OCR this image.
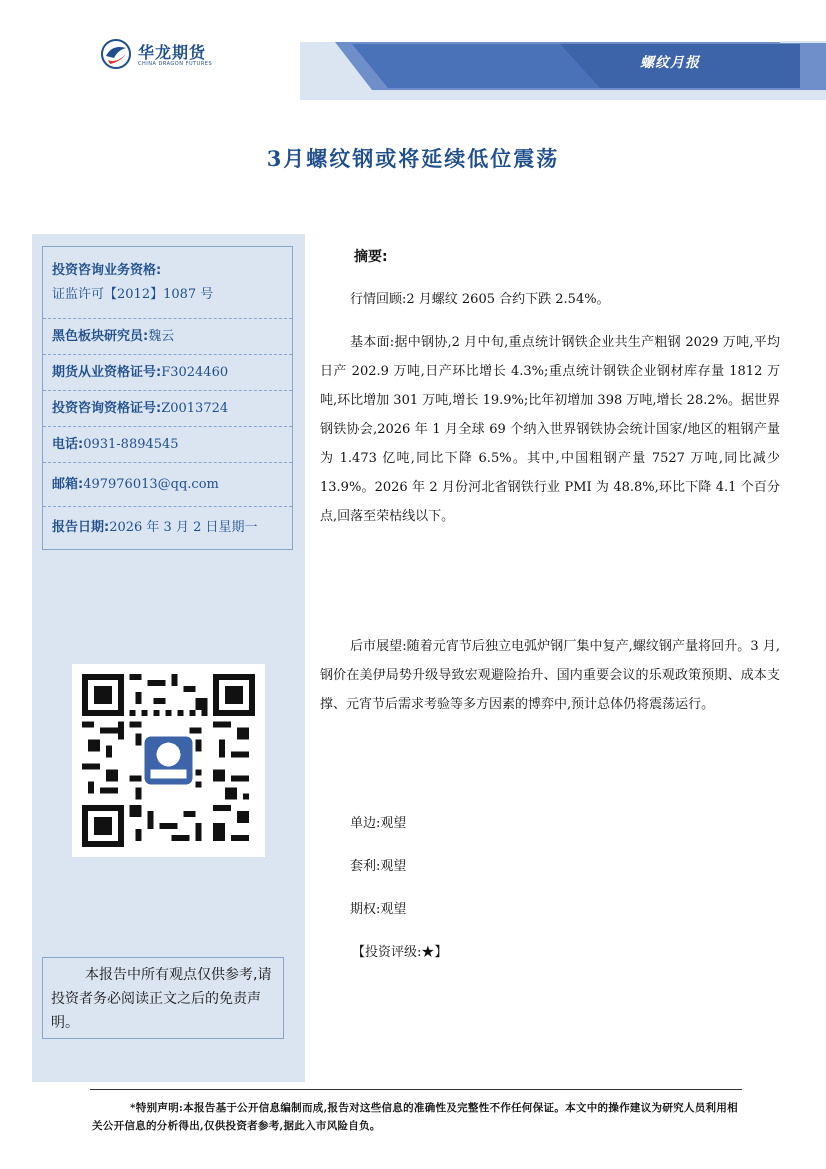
螺纹月报
华龙期货
CHINA DRAGON FUTURES
3月螺纹钢或将延续低位震荡
投资咨询业务资格:
证监许可【2012】1087 号
黑色板块研究员:魏云
期货从业资格证号:F3024460
投资咨询资格证号:Z0013724
电话:0931-8894545
邮箱:497976013@qq.com
报告日期:2026 年 3 月 2 日星期一
本报告中所有观点仅供参考,请投资者务必阅读正文之后的免责声明。
摘要:
行情回顾:2 月螺纹 2605 合约下跌 2.54%。
基本面:据中钢协,2 月中旬,重点统计钢铁企业共生产粗钢 2029 万吨,平均日产 202.9 万吨,日产环比增长 4.3%;重点统计钢铁企业钢材库存量 1812 万吨,环比增加 301 万吨,增长 19.9%;比年初增加 398 万吨,增长 28.2%。据世界钢铁协会,2026 年 1 月全球 69 个纳入世界钢铁协会统计国家/地区的粗钢产量为 1.473 亿吨,同比下降 6.5%。其中,中国粗钢产量 7527 万吨,同比减少 13.9%。2026 年 2 月份河北省钢铁行业 PMI 为 48.8%,环比下降 4.1 个百分点,回落至荣枯线以下。
后市展望:随着元宵节后独立电弧炉钢厂集中复产,螺纹钢产量将回升。3 月,钢价在美伊局势升级导致宏观避险抬升、国内重要会议的乐观政策预期、成本支撑、元宵节后需求考验等多方因素的博弈中,预计总体仍将震荡运行。
单边:观望
套利:观望
期权:观望
【投资评级:★】
*特别声明:本报告基于公开信息编制而成,报告对这些信息的准确性及完整性不作任何保证。本文中的操作建议为研究人员利用相关公开信息的分析得出,仅供投资者参考,据此入市风险自负。
